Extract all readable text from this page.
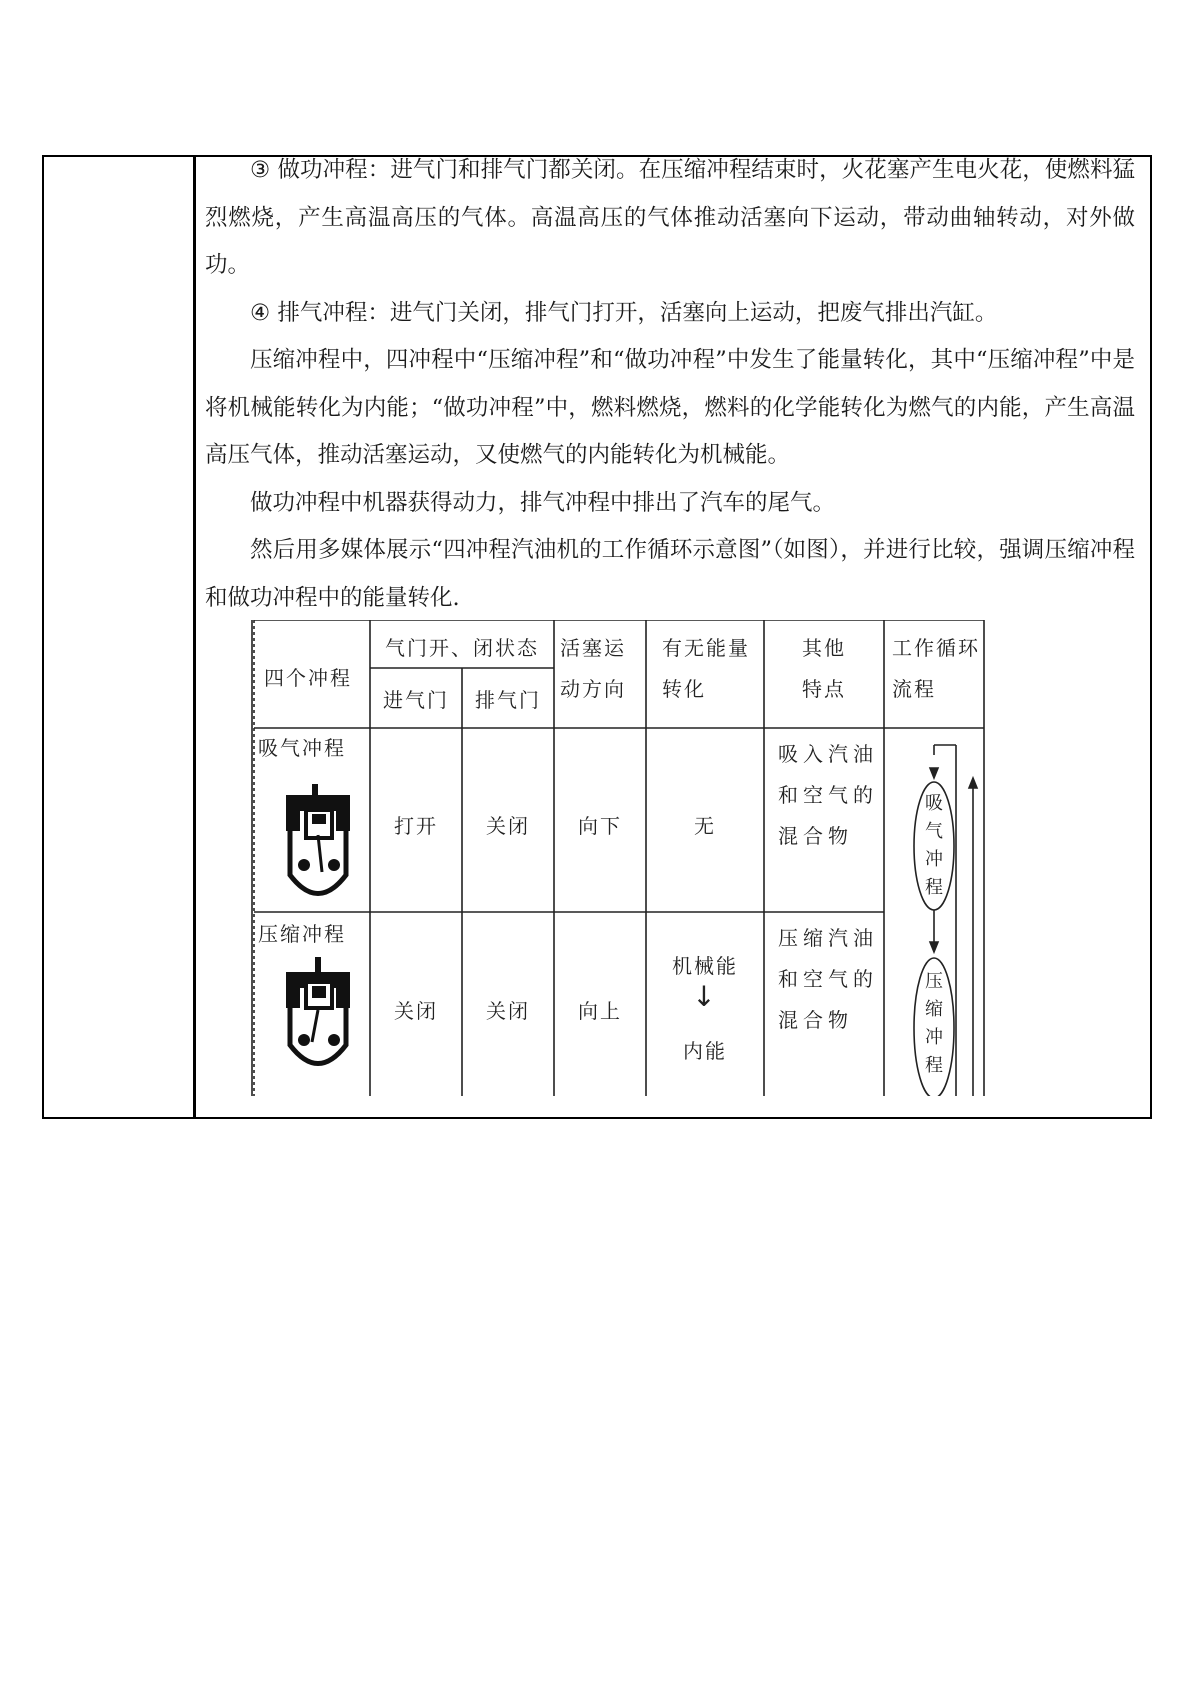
③ 做功冲程：进气门和排气门都关闭。在压缩冲程结束时，火花塞产生电火花，使燃料猛烈燃烧，产生高温高压的气体。高温高压的气体推动活塞向下运动，带动曲轴转动，对外做功。

④ 排气冲程：进气门关闭，排气门打开，活塞向上运动，把废气排出汽缸。

压缩冲程中，四冲程中“压缩冲程”和“做功冲程”中发生了能量转化，其中“压缩冲程”中是将机械能转化为内能；“做功冲程”中，燃料燃烧，燃料的化学能转化为燃气的内能，产生高温高压气体，推动活塞运动，又使燃气的内能转化为机械能。

做功冲程中机器获得动力，排气冲程中排出了汽车的尾气。

然后用多媒体展示“四冲程汽油机的工作循环示意图”（如图），并进行比较，强调压缩冲程和做功冲程中的能量转化.

四个冲程
气门开、闭状态
进气门 排气门
活塞运动方向
有无能量转化
其他特点
工作循环流程
吸气冲程
打开 关闭 向下	无
吸入汽油和空气的混合物
压缩冲程
关闭 关闭 向上
机械能
↓
内能
压缩汽油和空气的混合物
吸气冲程
压缩冲程
